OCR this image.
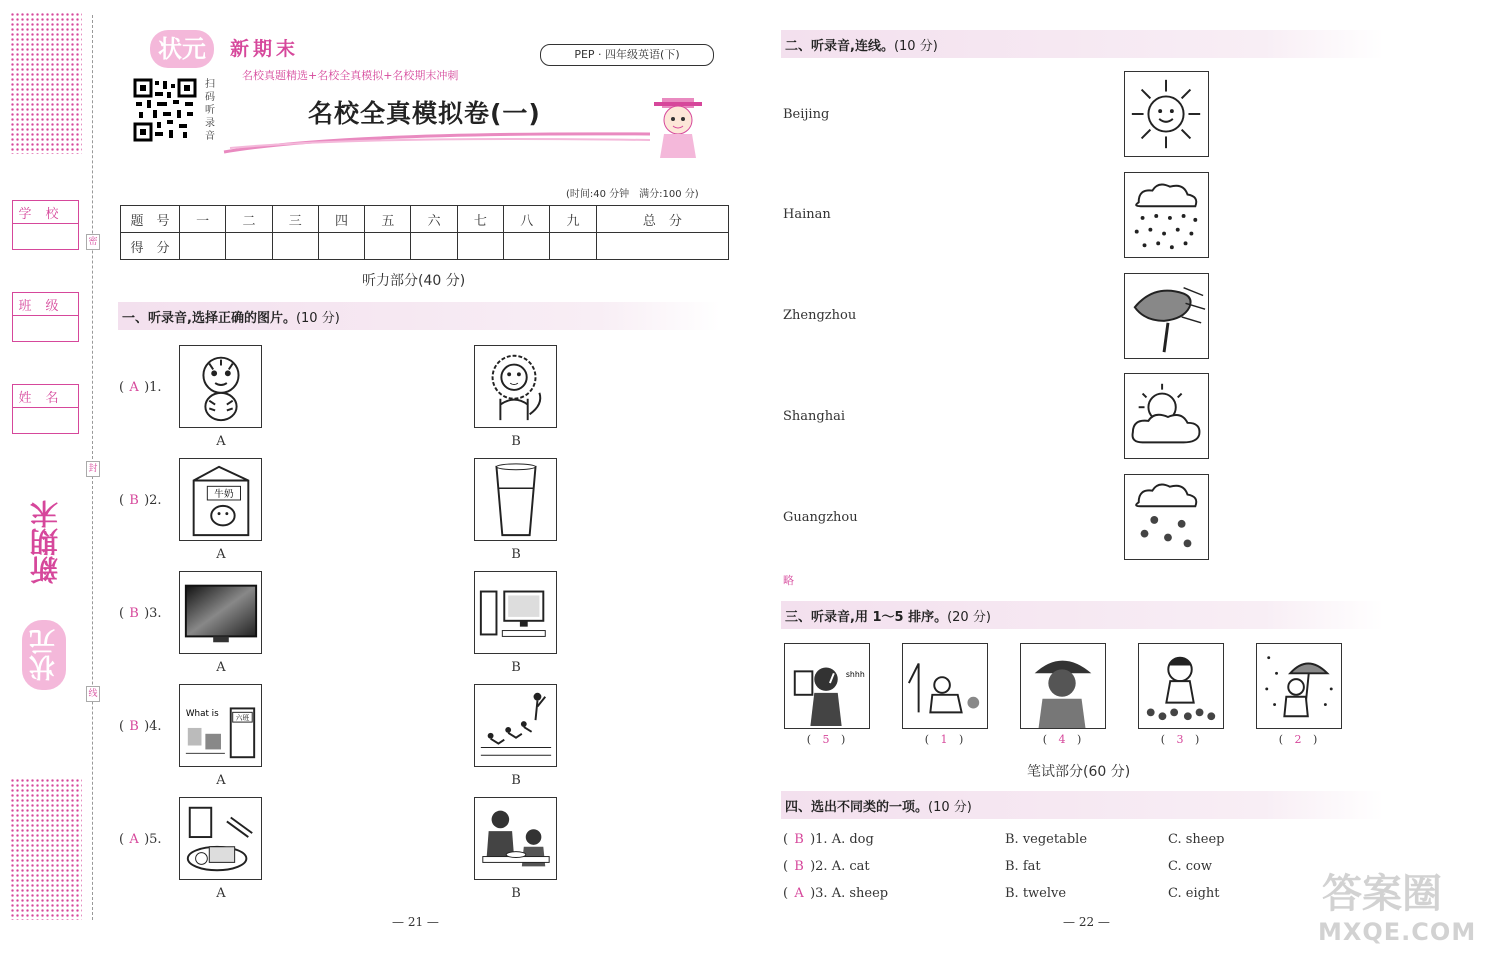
密
封
线
学校
班级
姓名
新期末
状元
状元	新期末
名校真题精选+名校全真模拟+名校期末冲刺
PEP · 四年级英语(下)
扫码听录音
名校全真模拟卷(一)
(时间:40 分钟　满分:100 分)
题　号	一	二	三	四	五	六	七	八	九	总　分
得　分										
听力部分(40 分)
一、听录音,选择正确的图片。 (10 分)
( A )1.
A	B
( B )2.	牛奶
A	B
( B )3.
A	B
( B )4.
What is 六班
A	B
( A )5.
A	B
— 21 —
二、听录音,连线。 (10 分)
Beijing
Hainan
Zhengzhou
Shanghai
Guangzhou
略
三、听录音,用 1～5 排序。 (20 分)
shhh
( 5 )	( 1 )	( 4 )	( 3 )	( 2 )
笔试部分(60 分)
四、选出不同类的一项。 (10 分)
( B )1. A. dog	B. vegetable	C. sheep
( B )2. A. cat	B. fat	C. cow
( A )3. A. sheep	B. twelve	C. eight
— 22 —
答案圈
MXQE.COM
